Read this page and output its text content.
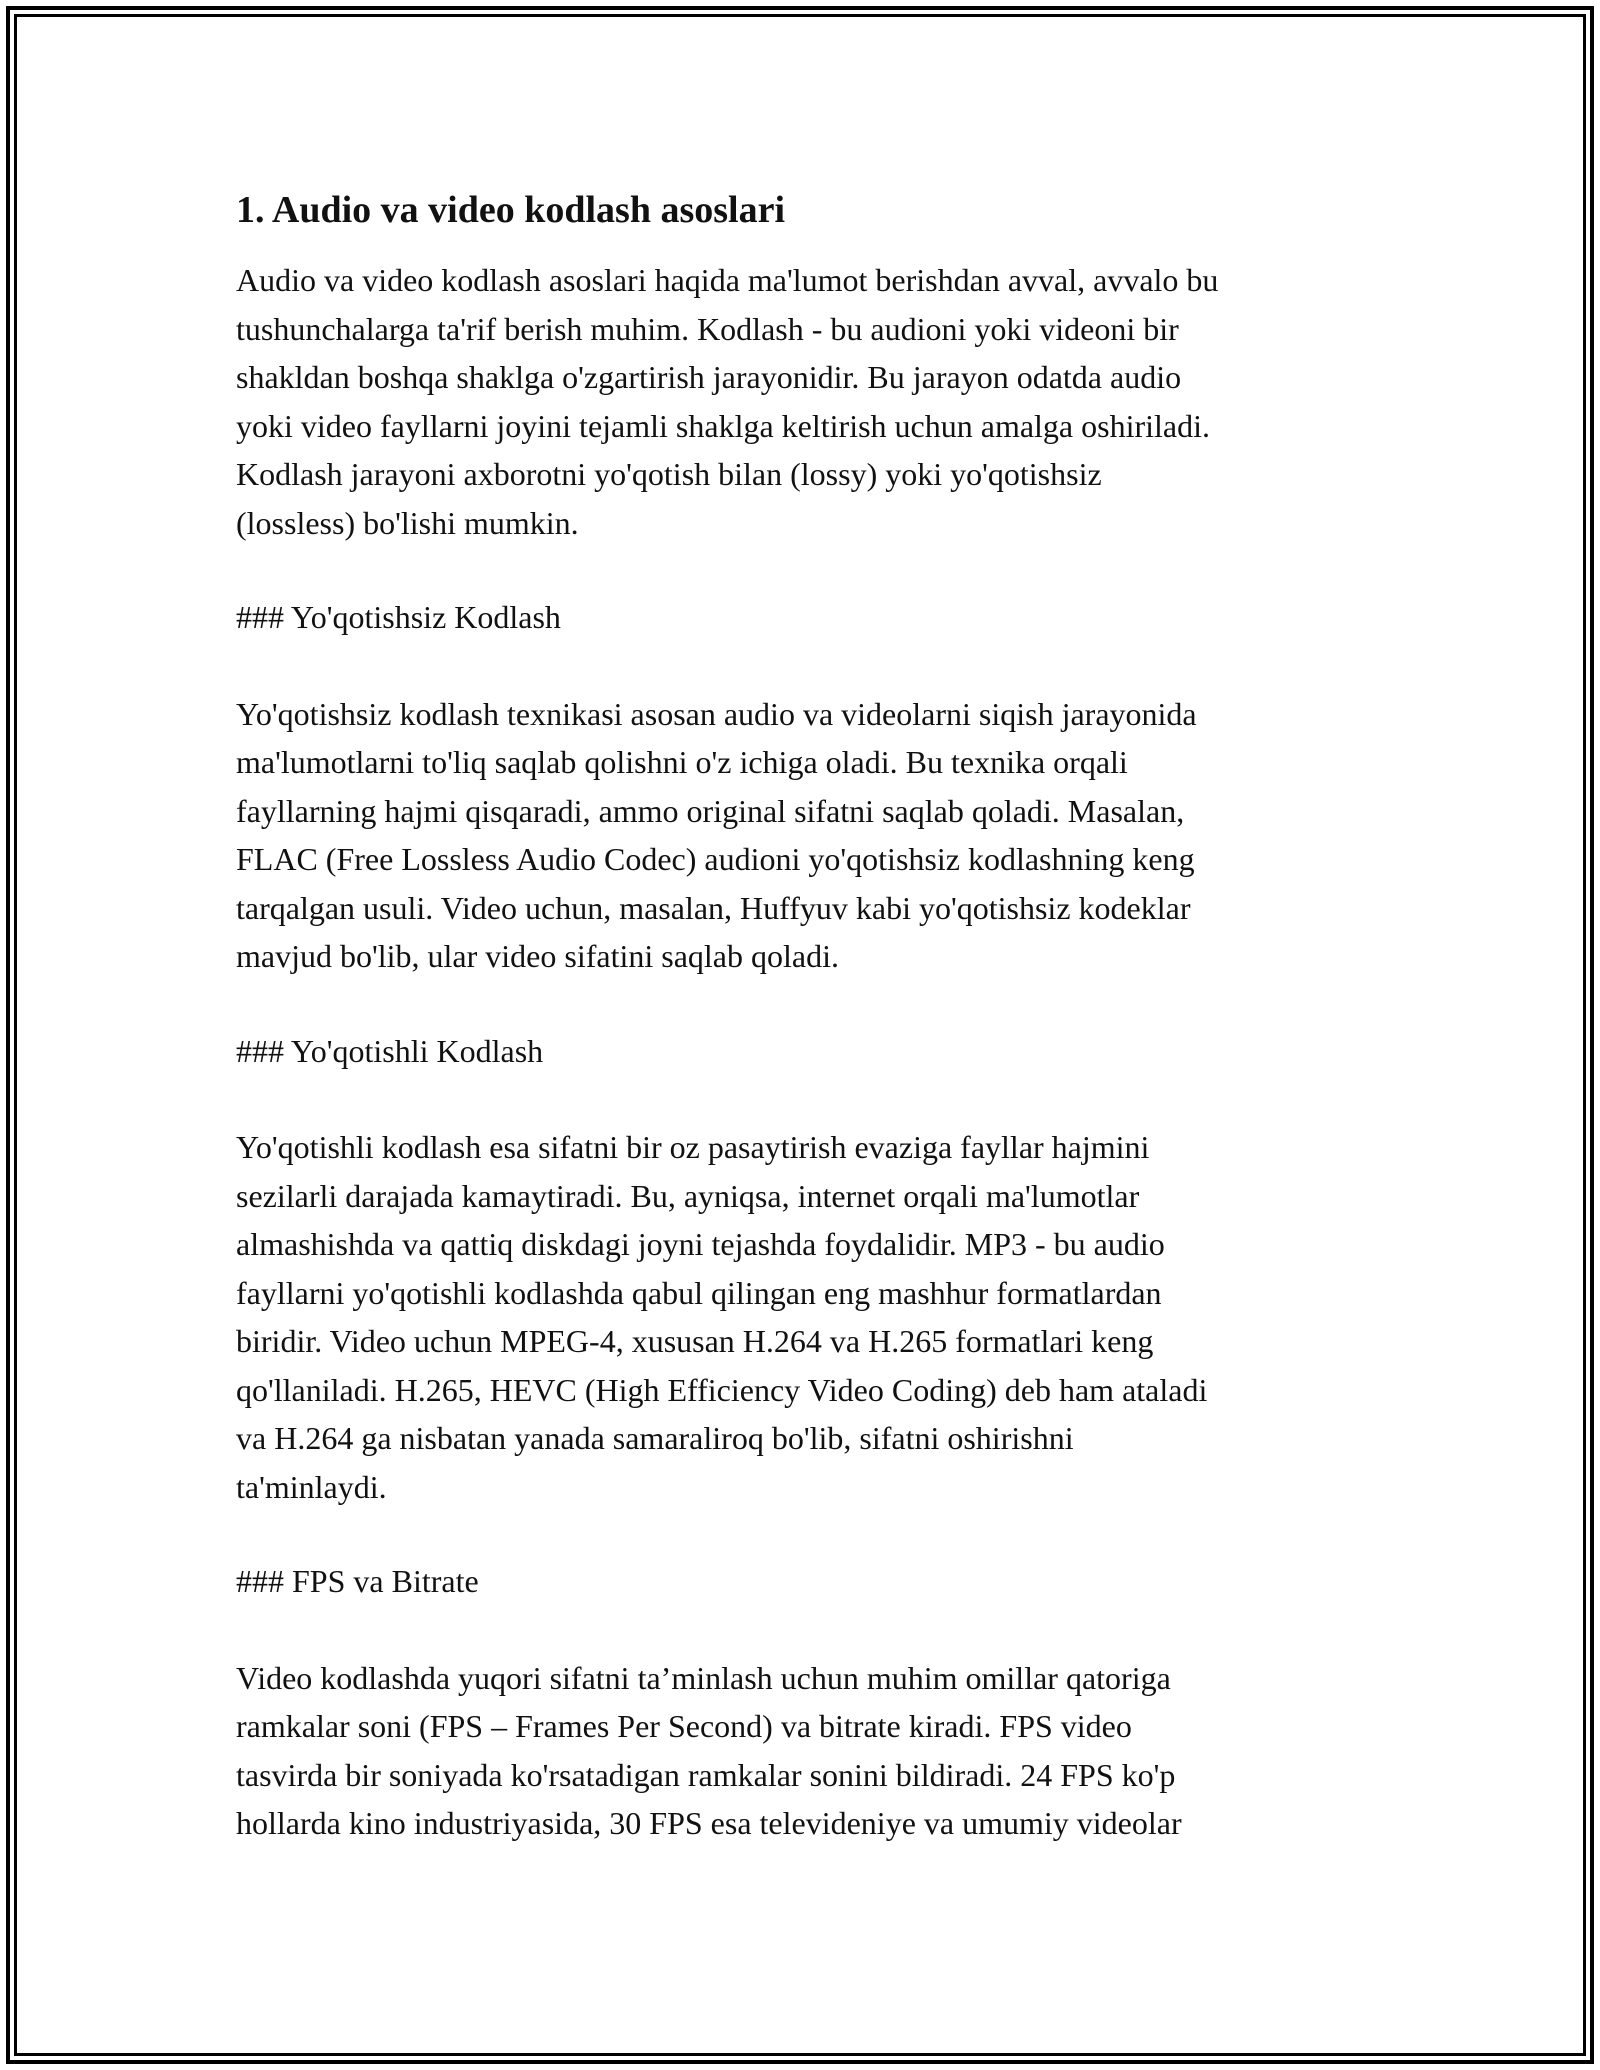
1. Audio va video kodlash asoslari

Audio va video kodlash asoslari haqida ma'lumot berishdan avval, avvalo bu
tushunchalarga ta'rif berish muhim. Kodlash - bu audioni yoki videoni bir
shakldan boshqa shaklga o'zgartirish jarayonidir. Bu jarayon odatda audio
yoki video fayllarni joyini tejamli shaklga keltirish uchun amalga oshiriladi.
Kodlash jarayoni axborotni yo'qotish bilan (lossy) yoki yo'qotishsiz
(lossless) bo'lishi mumkin.

### Yo'qotishsiz Kodlash

Yo'qotishsiz kodlash texnikasi asosan audio va videolarni siqish jarayonida
ma'lumotlarni to'liq saqlab qolishni o'z ichiga oladi. Bu texnika orqali
fayllarning hajmi qisqaradi, ammo original sifatni saqlab qoladi. Masalan,
FLAC (Free Lossless Audio Codec) audioni yo'qotishsiz kodlashning keng
tarqalgan usuli. Video uchun, masalan, Huffyuv kabi yo'qotishsiz kodeklar
mavjud bo'lib, ular video sifatini saqlab qoladi.

### Yo'qotishli Kodlash

Yo'qotishli kodlash esa sifatni bir oz pasaytirish evaziga fayllar hajmini
sezilarli darajada kamaytiradi. Bu, ayniqsa, internet orqali ma'lumotlar
almashishda va qattiq diskdagi joyni tejashda foydalidir. MP3 - bu audio
fayllarni yo'qotishli kodlashda qabul qilingan eng mashhur formatlardan
biridir. Video uchun MPEG-4, xususan H.264 va H.265 formatlari keng
qo'llaniladi. H.265, HEVC (High Efficiency Video Coding) deb ham ataladi
va H.264 ga nisbatan yanada samaraliroq bo'lib, sifatni oshirishni
ta'minlaydi.

### FPS va Bitrate

Video kodlashda yuqori sifatni ta’minlash uchun muhim omillar qatoriga
ramkalar soni (FPS – Frames Per Second) va bitrate kiradi. FPS video
tasvirda bir soniyada ko'rsatadigan ramkalar sonini bildiradi. 24 FPS ko'p
hollarda kino industriyasida, 30 FPS esa televideniye va umumiy videolar
